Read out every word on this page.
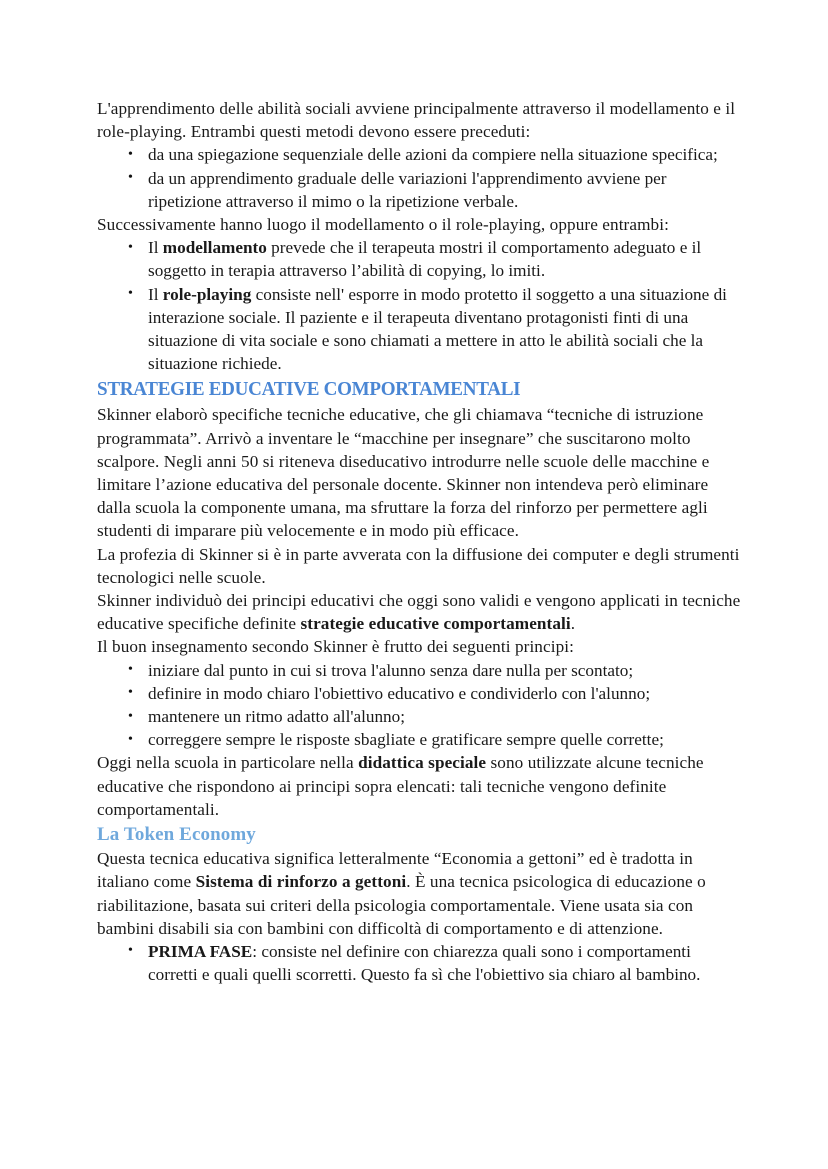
L'apprendimento delle abilità sociali avviene principalmente attraverso il modellamento e il role-playing. Entrambi questi metodi devono essere preceduti:

• da una spiegazione sequenziale delle azioni da compiere nella situazione specifica;
• da un apprendimento graduale delle variazioni l'apprendimento avviene per ripetizione attraverso il mimo o la ripetizione verbale.

Successivamente hanno luogo il modellamento o il role-playing, oppure entrambi:

• Il modellamento prevede che il terapeuta mostri il comportamento adeguato e il soggetto in terapia attraverso l’abilità di copying, lo imiti.
• Il role-playing consiste nell' esporre in modo protetto il soggetto a una situazione di interazione sociale. Il paziente e il terapeuta diventano protagonisti finti di una situazione di vita sociale e sono chiamati a mettere in atto le abilità sociali che la situazione richiede.
STRATEGIE EDUCATIVE COMPORTAMENTALI

Skinner elaborò specifiche tecniche educative, che gli chiamava “tecniche di istruzione programmata”. Arrivò a inventare le “macchine per insegnare” che suscitarono molto scalpore. Negli anni 50 si riteneva diseducativo introdurre nelle scuole delle macchine e limitare l’azione educativa del personale docente. Skinner non intendeva però eliminare dalla scuola la componente umana, ma sfruttare la forza del rinforzo per permettere agli studenti di imparare più velocemente e in modo più efficace.

La profezia di Skinner si è in parte avverata con la diffusione dei computer e degli strumenti tecnologici nelle scuole.

Skinner individuò dei principi educativi che oggi sono validi e vengono applicati in tecniche educative specifiche definite strategie educative comportamentali.

Il buon insegnamento secondo Skinner è frutto dei seguenti principi:

• iniziare dal punto in cui si trova l'alunno senza dare nulla per scontato;
• definire in modo chiaro l'obiettivo educativo e condividerlo con l'alunno;
• mantenere un ritmo adatto all'alunno;
• correggere sempre le risposte sbagliate e gratificare sempre quelle corrette;

Oggi nella scuola in particolare nella didattica speciale sono utilizzate alcune tecniche educative che rispondono ai principi sopra elencati: tali tecniche vengono definite comportamentali.

La Token Economy

Questa tecnica educativa significa letteralmente “Economia a gettoni” ed è tradotta in italiano come Sistema di rinforzo a gettoni. È una tecnica psicologica di educazione o riabilitazione, basata sui criteri della psicologia comportamentale. Viene usata sia con bambini disabili sia con bambini con difficoltà di comportamento e di attenzione.

• PRIMA FASE: consiste nel definire con chiarezza quali sono i comportamenti corretti e quali quelli scorretti. Questo fa sì che l'obiettivo sia chiaro al bambino.
